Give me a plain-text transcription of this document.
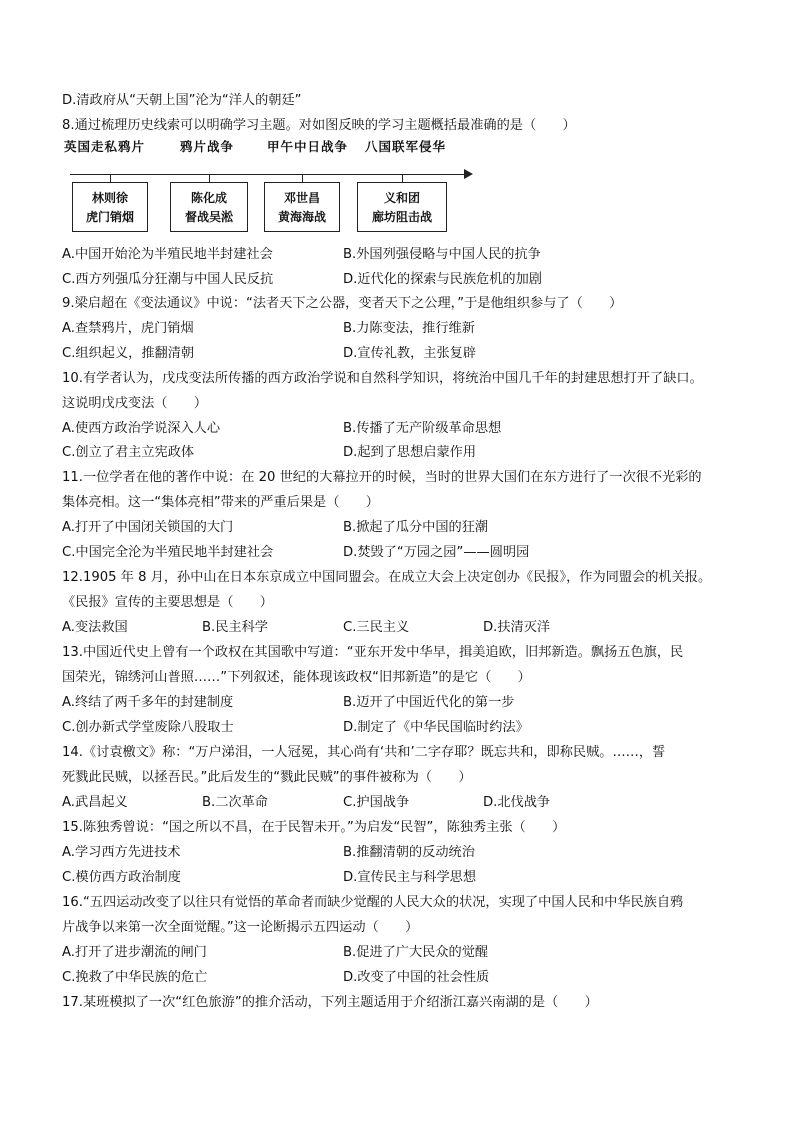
D.清政府从“天朝上国”沦为“洋人的朝廷”
8.通过梳理历史线索可以明确学习主题。对如图反映的学习主题概括最准确的是（　　）
英国走私鸦片	鸦片战争	甲午中日战争 八国联军侵华
林则徐
虎门销烟
陈化成
督战吴淞
邓世昌
黄海海战
义和团
廊坊阻击战
A.中国开始沦为半殖民地半封建社会	B.外国列强侵略与中国人民的抗争
C.西方列强瓜分狂潮与中国人民反抗	D.近代化的探索与民族危机的加剧
9.梁启超在《变法通议》中说：“法者天下之公器，变者天下之公理，”于是他组织参与了（　　）
A.查禁鸦片，虎门销烟	B.力陈变法，推行维新
C.组织起义，推翻清朝	D.宣传礼教，主张复辟
10.有学者认为，戊戌变法所传播的西方政治学说和自然科学知识，将统治中国几千年的封建思想打开了缺口。
这说明戊戌变法（　　）
A.使西方政治学说深入人心	B.传播了无产阶级革命思想
C.创立了君主立宪政体	D.起到了思想启蒙作用
11.一位学者在他的著作中说：在 20 世纪的大幕拉开的时候，当时的世界大国们在东方进行了一次很不光彩的
集体亮相。这一“集体亮相”带来的严重后果是（　　）
A.打开了中国闭关锁国的大门	B.掀起了瓜分中国的狂潮
C.中国完全沦为半殖民地半封建社会	D.焚毁了“万园之园”——圆明园
12.1905 年 8 月，孙中山在日本东京成立中国同盟会。在成立大会上决定创办《民报》，作为同盟会的机关报。
《民报》宣传的主要思想是（　　）
A.变法救国	B.民主科学	C.三民主义	D.扶清灭洋
13.中国近代史上曾有一个政权在其国歌中写道：“亚东开发中华早，揖美追欧，旧邦新造。飘扬五色旗，民
国荣光，锦绣河山普照……”下列叙述，能体现该政权“旧邦新造”的是它（　　）
A.终结了两千多年的封建制度	B.迈开了中国近代化的第一步
C.创办新式学堂废除八股取士	D.制定了《中华民国临时约法》
14.《讨袁檄文》称：“万户涕泪，一人冠冕，其心尚有‘共和’二字存耶？既忘共和，即称民贼。……，誓
死戮此民贼，以拯吾民。”此后发生的“戮此民贼”的事件被称为（　　）
A.武昌起义	B.二次革命	C.护国战争	D.北伐战争
15.陈独秀曾说：“国之所以不昌，在于民智未开。”为启发“民智”，陈独秀主张（　　）
A.学习西方先进技术	B.推翻清朝的反动统治
C.模仿西方政治制度	D.宣传民主与科学思想
16.“五四运动改变了以往只有觉悟的革命者而缺少觉醒的人民大众的状况，实现了中国人民和中华民族自鸦
片战争以来第一次全面觉醒。”这一论断揭示五四运动（　　）
A.打开了进步潮流的闸门	B.促进了广大民众的觉醒
C.挽救了中华民族的危亡	D.改变了中国的社会性质
17.某班模拟了一次“红色旅游”的推介活动，下列主题适用于介绍浙江嘉兴南湖的是（　　）
